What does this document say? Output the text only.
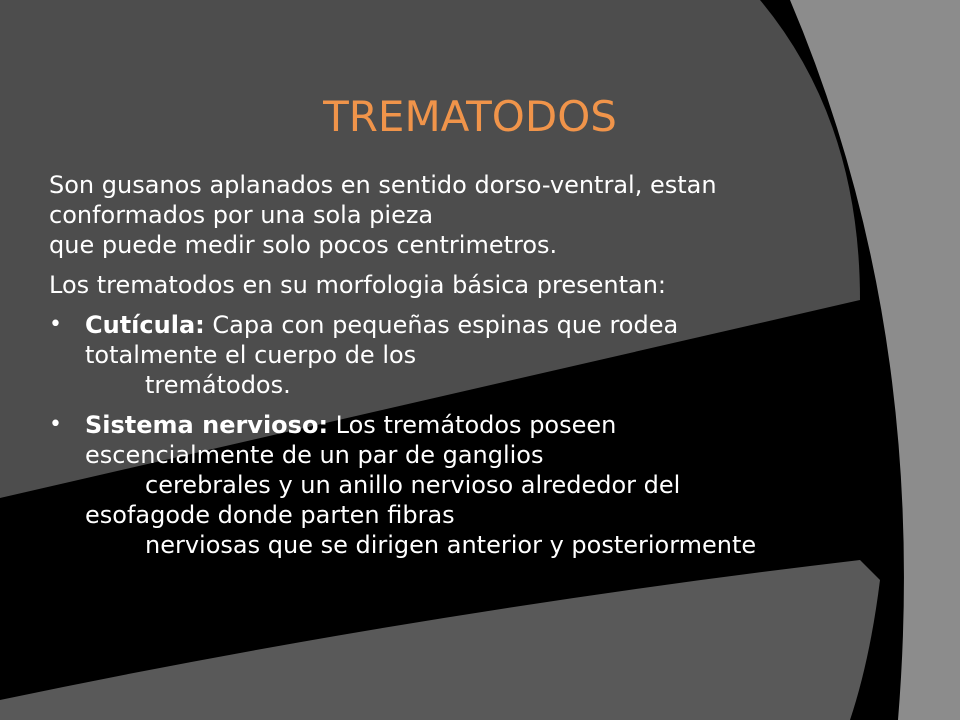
TREMATODOS

Son gusanos aplanados en sentido dorso-ventral, estan
conformados por una sola pieza
que puede medir solo pocos centrimetros.

Los trematodos en su morfologia básica presentan:

• Cutícula: Capa con pequeñas espinas que rodea
totalmente el cuerpo de los
tremátodos.
• Sistema nervioso: Los tremátodos poseen
escencialmente de un par de ganglios
cerebrales y un anillo nervioso alrededor del
esofagode donde parten fibras
nerviosas que se dirigen anterior y posteriormente
